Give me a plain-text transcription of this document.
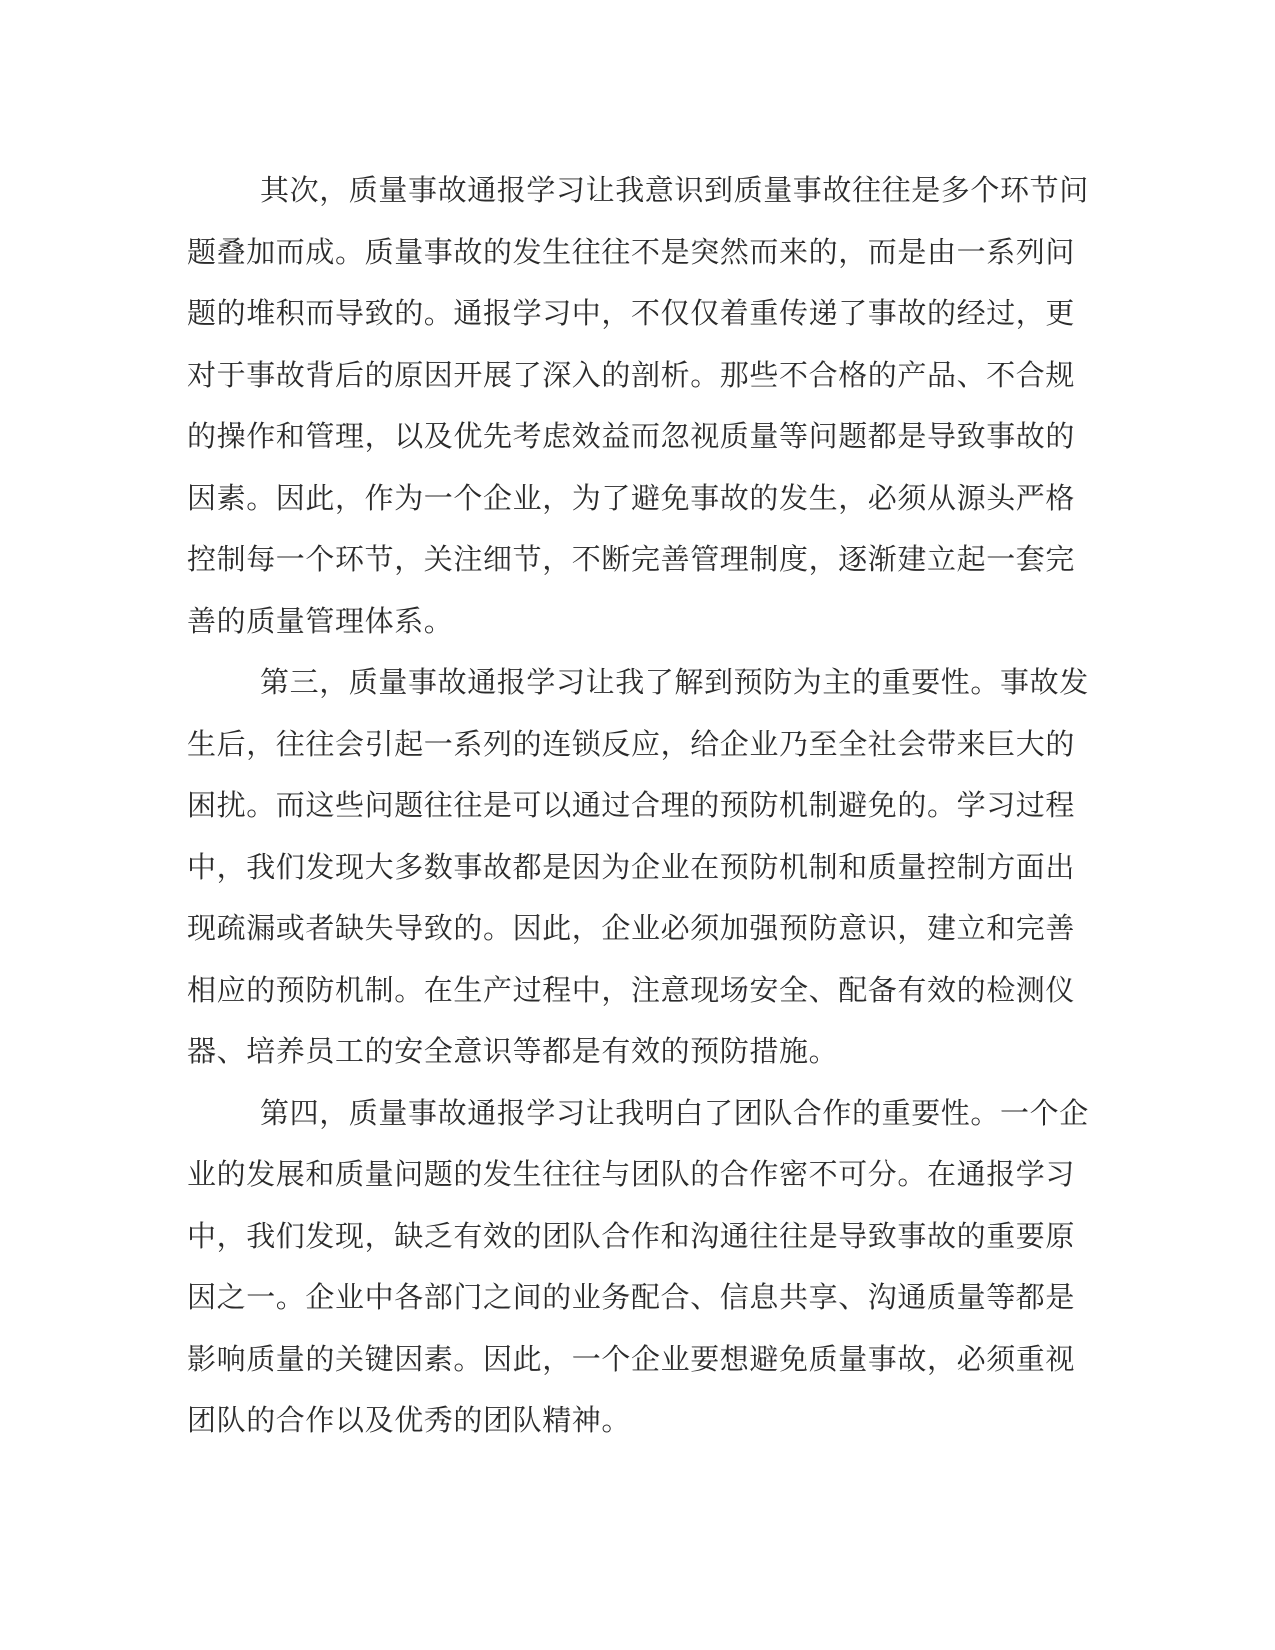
其次，质量事故通报学习让我意识到质量事故往往是多个环节问
题叠加而成。质量事故的发生往往不是突然而来的，而是由一系列问
题的堆积而导致的。通报学习中，不仅仅着重传递了事故的经过，更
对于事故背后的原因开展了深入的剖析。那些不合格的产品、不合规
的操作和管理，以及优先考虑效益而忽视质量等问题都是导致事故的
因素。因此，作为一个企业，为了避免事故的发生，必须从源头严格
控制每一个环节，关注细节，不断完善管理制度，逐渐建立起一套完
善的质量管理体系。
第三，质量事故通报学习让我了解到预防为主的重要性。事故发
生后，往往会引起一系列的连锁反应，给企业乃至全社会带来巨大的
困扰。而这些问题往往是可以通过合理的预防机制避免的。学习过程
中，我们发现大多数事故都是因为企业在预防机制和质量控制方面出
现疏漏或者缺失导致的。因此，企业必须加强预防意识，建立和完善
相应的预防机制。在生产过程中，注意现场安全、配备有效的检测仪
器、培养员工的安全意识等都是有效的预防措施。
第四，质量事故通报学习让我明白了团队合作的重要性。一个企
业的发展和质量问题的发生往往与团队的合作密不可分。在通报学习
中，我们发现，缺乏有效的团队合作和沟通往往是导致事故的重要原
因之一。企业中各部门之间的业务配合、信息共享、沟通质量等都是
影响质量的关键因素。因此，一个企业要想避免质量事故，必须重视
团队的合作以及优秀的团队精神。
